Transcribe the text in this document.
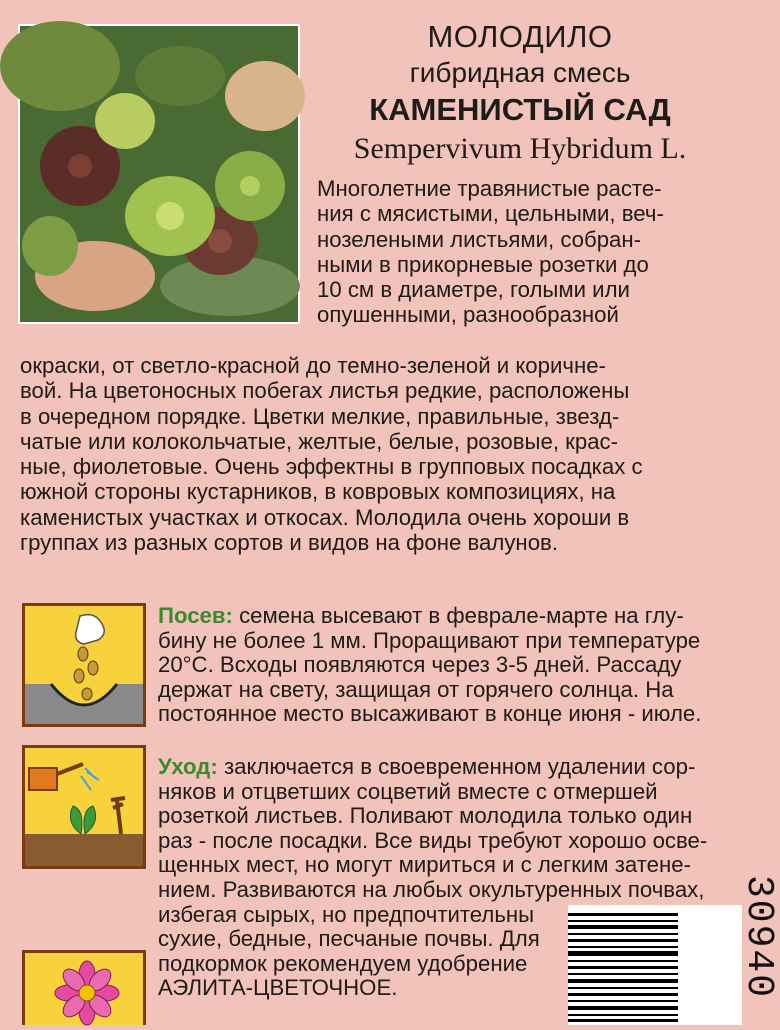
МОЛОДИЛО
гибридная смесь
КАМЕНИСТЫЙ САД
Sempervivum Hybridum L.
Многолетние травянистые расте-
ния с мясистыми, цельными, веч-
нозелеными листьями, собран-
ными в прикорневые розетки до
10 см в диаметре, голыми или
опушенными, разнообразной
окраски, от светло-красной до темно-зеленой и коричне-
вой. На цветоносных побегах листья редкие, расположены
в очередном порядке. Цветки мелкие, правильные, звезд-
чатые или колокольчатые, желтые, белые, розовые, крас-
ные, фиолетовые. Очень эффектны в групповых посадках с
южной стороны кустарников, в ковровых композициях, на
каменистых участках и откосах. Молодила очень хороши в
группах из разных сортов и видов на фоне валунов.
Посев: семена высевают в феврале-марте на глу-
бину не более 1 мм. Проращивают при температуре
20°С. Всходы появляются через 3-5 дней. Рассаду
держат на свету, защищая от горячего солнца. На
постоянное место высаживают в конце июня - июле.
Уход: заключается в своевременном удалении сор-
няков и отцветших соцветий вместе с отмершей
розеткой листьев. Поливают молодила только один
раз - после посадки. Все виды требуют хорошо осве-
щенных мест, но могут мириться и с легким затене-
нием. Развиваются на любых окультуренных почвах,
избегая сырых, но предпочтительны
сухие, бедные, песчаные почвы. Для
подкормок рекомендуем удобрение
АЭЛИТА-ЦВЕТОЧНОЕ.	30940
